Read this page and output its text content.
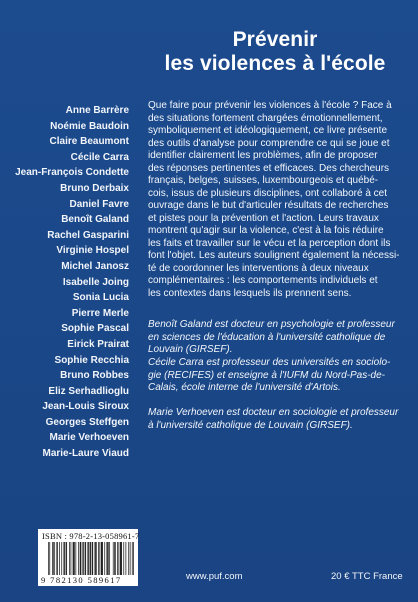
Prévenir
les violences à l'école
Anne Barrère
Noémie Baudoin
Claire Beaumont
Cécile Carra
Jean-François Condette
Bruno Derbaix
Daniel Favre
Benoît Galand
Rachel Gasparini
Virginie Hospel
Michel Janosz
Isabelle Joing
Sonia Lucia
Pierre Merle
Sophie Pascal
Eirick Prairat
Sophie Recchia
Bruno Robbes
Eliz Serhadlioglu
Jean-Louis Siroux
Georges Steffgen
Marie Verhoeven
Marie-Laure Viaud
Que faire pour prévenir les violences à l'école ? Face à
des situations fortement chargées émotionnellement,
symboliquement et idéologiquement, ce livre présente
des outils d'analyse pour comprendre ce qui se joue et
identifier clairement les problèmes, afin de proposer
des réponses pertinentes et efficaces. Des chercheurs
français, belges, suisses, luxembourgeois et québé-
cois, issus de plusieurs disciplines, ont collaboré à cet
ouvrage dans le but d'articuler résultats de recherches
et pistes pour la prévention et l'action. Leurs travaux
montrent qu'agir sur la violence, c'est à la fois réduire
les faits et travailler sur le vécu et la perception dont ils
font l'objet. Les auteurs soulignent également la nécessi-
té de coordonner les interventions à deux niveaux
complémentaires : les comportements individuels et
les contextes dans lesquels ils prennent sens.
Benoît Galand est docteur en psychologie et professeur
en sciences de l'éducation à l'université catholique de
Louvain (GIRSEF).
Cécile Carra est professeur des universités en sociolo-
gie (RECIFES) et enseigne à l'IUFM du Nord-Pas-de-
Calais, école interne de l'université d'Artois.
Marie Verhoeven est docteur en sociologie et professeur
à l'université catholique de Louvain (GIRSEF).
ISBN : 978-2-13-058961-7
9 782130 589617	www.puf.com	20 € TTC France
